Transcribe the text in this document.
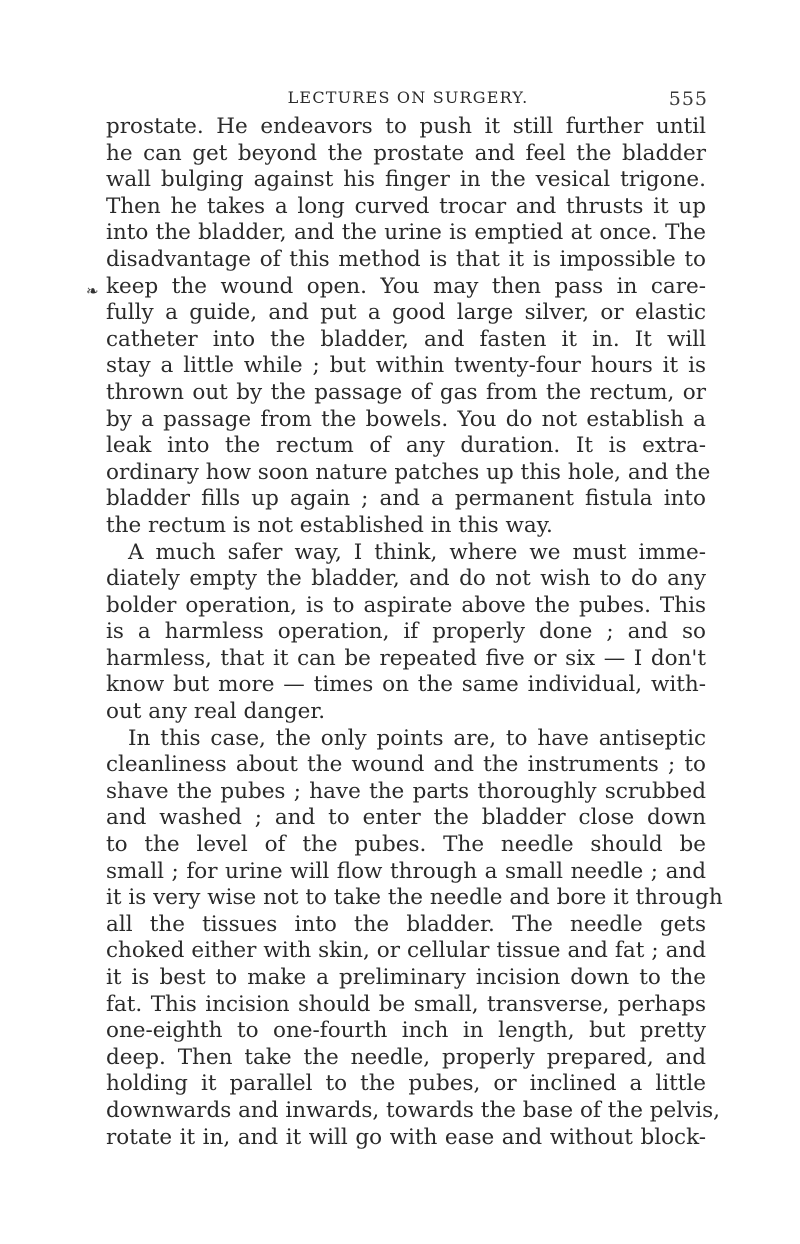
LECTURES ON SURGERY.	555
❧
prostate. He endeavors to push it still further until
he can get beyond the prostate and feel the bladder
wall bulging against his finger in the vesical trigone.
Then he takes a long curved trocar and thrusts it up
into the bladder, and the urine is emptied at once. The
disadvantage of this method is that it is impossible to
keep the wound open. You may then pass in care-
fully a guide, and put a good large silver, or elastic
catheter into the bladder, and fasten it in. It will
stay a little while ; but within twenty-four hours it is
thrown out by the passage of gas from the rectum, or
by a passage from the bowels. You do not establish a
leak into the rectum of any duration. It is extra-
ordinary how soon nature patches up this hole, and the
bladder fills up again ; and a permanent fistula into
the rectum is not established in this way.
A much safer way, I think, where we must imme-
diately empty the bladder, and do not wish to do any
bolder operation, is to aspirate above the pubes. This
is a harmless operation, if properly done ; and so
harmless, that it can be repeated five or six — I don't
know but more — times on the same individual, with-
out any real danger.
In this case, the only points are, to have antiseptic
cleanliness about the wound and the instruments ; to
shave the pubes ; have the parts thoroughly scrubbed
and washed ; and to enter the bladder close down
to the level of the pubes. The needle should be
small ; for urine will flow through a small needle ; and
it is very wise not to take the needle and bore it through
all the tissues into the bladder. The needle gets
choked either with skin, or cellular tissue and fat ; and
it is best to make a preliminary incision down to the
fat. This incision should be small, transverse, perhaps
one-eighth to one-fourth inch in length, but pretty
deep. Then take the needle, properly prepared, and
holding it parallel to the pubes, or inclined a little
downwards and inwards, towards the base of the pelvis,
rotate it in, and it will go with ease and without block-
